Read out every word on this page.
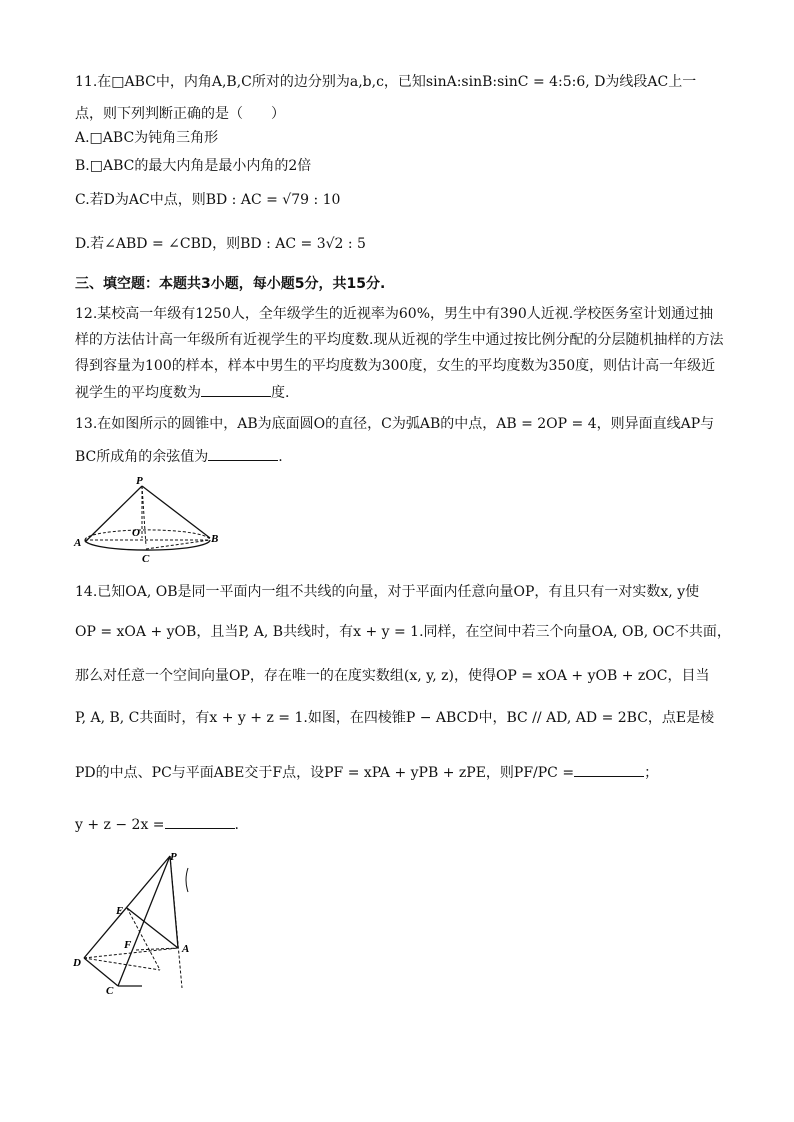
11.在□ABC中，内角A,B,C所对的边分别为a,b,c，已知sinA:sinB:sinC = 4:5:6, D为线段AC上一
点，则下列判断正确的是（　　）
A.□ABC为钝角三角形
B.□ABC的最大内角是最小内角的2倍
C.若D为AC中点，则BD : AC = √79 : 10
D.若∠ABD = ∠CBD，则BD : AC = 3√2 : 5
三、填空题：本题共3小题，每小题5分，共15分.
12.某校高一年级有1250人，全年级学生的近视率为60%，男生中有390人近视.学校医务室计划通过抽
样的方法估计高一年级所有近视学生的平均度数.现从近视的学生中通过按比例分配的分层随机抽样的方法
得到容量为100的样本，样本中男生的平均度数为300度，女生的平均度数为350度，则估计高一年级近
视学生的平均度数为	度.
13.在如图所示的圆锥中，AB为底面圆O的直径，C为弧AB的中点，AB = 2OP = 4，则异面直线AP与
BC所成角的余弦值为	.
P
O
A	B
C
14.已知OA, OB是同一平面内一组不共线的向量，对于平面内任意向量OP，有且只有一对实数x, y使
OP = xOA + yOB，且当P, A, B共线时，有x + y = 1.同样，在空间中若三个向量OA, OB, OC不共面，
那么对任意一个空间向量OP，存在唯一的在度实数组(x, y, z)，使得OP = xOA + yOB + zOC，目当
P, A, B, C共面时，有x + y + z = 1.如图，在四棱锥P − ABCD中，BC // AD, AD = 2BC，点E是棱
PD的中点、PC与平面ABE交于F点，设PF = xPA + yPB + zPE，则PF/PC =	；
y + z − 2x =	.
P
E
F
D
A
C
